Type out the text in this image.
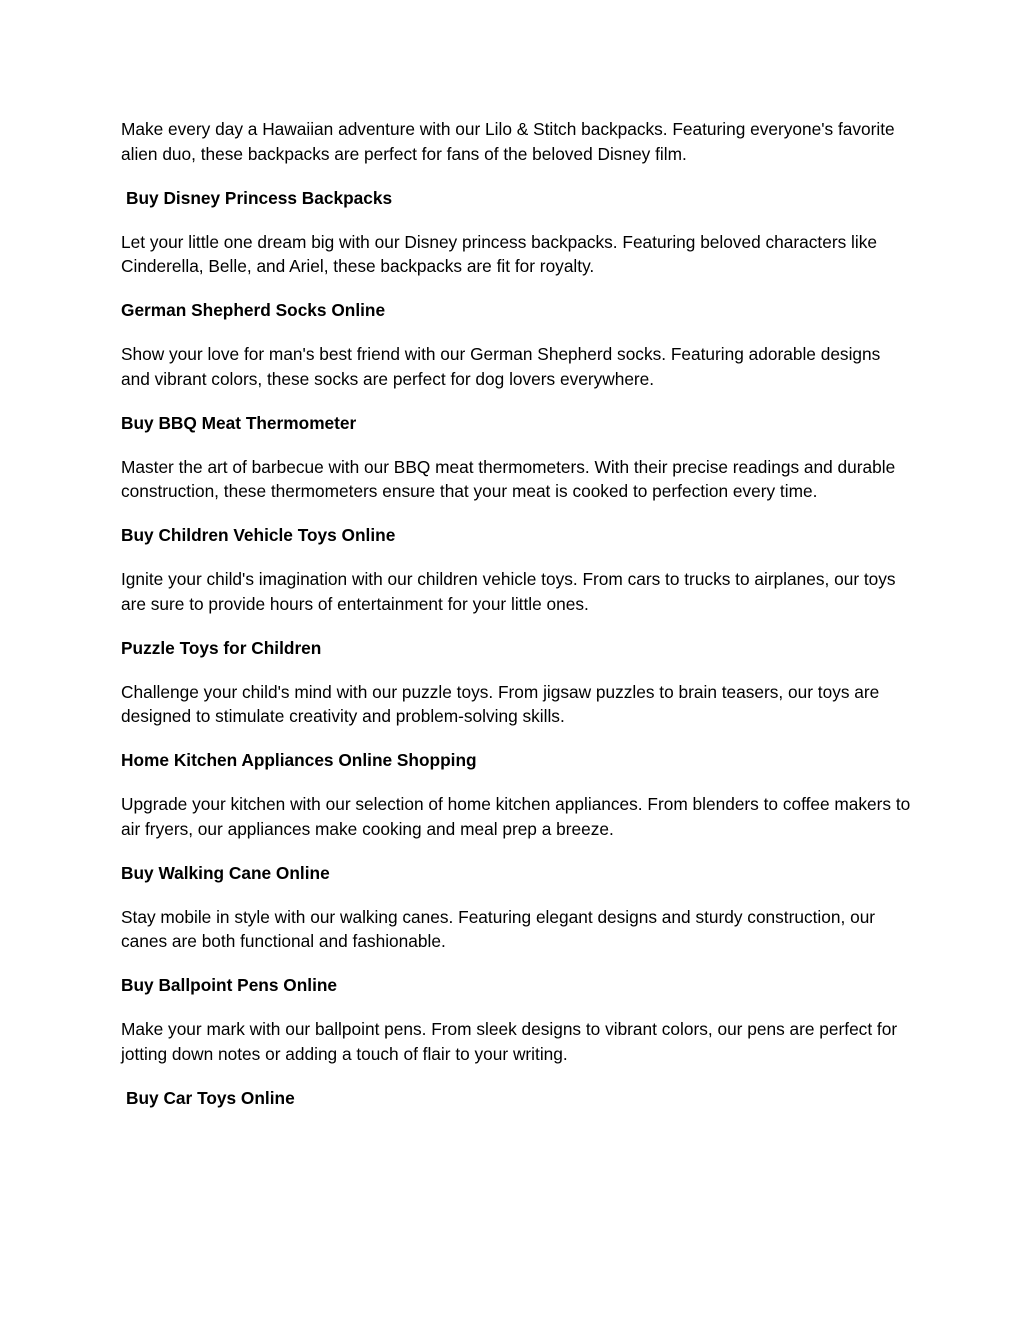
Make every day a Hawaiian adventure with our Lilo & Stitch backpacks. Featuring everyone's favorite alien duo, these backpacks are perfect for fans of the beloved Disney film.

Buy Disney Princess Backpacks

Let your little one dream big with our Disney princess backpacks. Featuring beloved characters like Cinderella, Belle, and Ariel, these backpacks are fit for royalty.

German Shepherd Socks Online

Show your love for man's best friend with our German Shepherd socks. Featuring adorable designs and vibrant colors, these socks are perfect for dog lovers everywhere.

Buy BBQ Meat Thermometer

Master the art of barbecue with our BBQ meat thermometers. With their precise readings and durable construction, these thermometers ensure that your meat is cooked to perfection every time.

Buy Children Vehicle Toys Online

Ignite your child's imagination with our children vehicle toys. From cars to trucks to airplanes, our toys are sure to provide hours of entertainment for your little ones.

Puzzle Toys for Children

Challenge your child's mind with our puzzle toys. From jigsaw puzzles to brain teasers, our toys are designed to stimulate creativity and problem-solving skills.

Home Kitchen Appliances Online Shopping

Upgrade your kitchen with our selection of home kitchen appliances. From blenders to coffee makers to air fryers, our appliances make cooking and meal prep a breeze.

Buy Walking Cane Online

Stay mobile in style with our walking canes. Featuring elegant designs and sturdy construction, our canes are both functional and fashionable.

Buy Ballpoint Pens Online

Make your mark with our ballpoint pens. From sleek designs to vibrant colors, our pens are perfect for jotting down notes or adding a touch of flair to your writing.

Buy Car Toys Online
